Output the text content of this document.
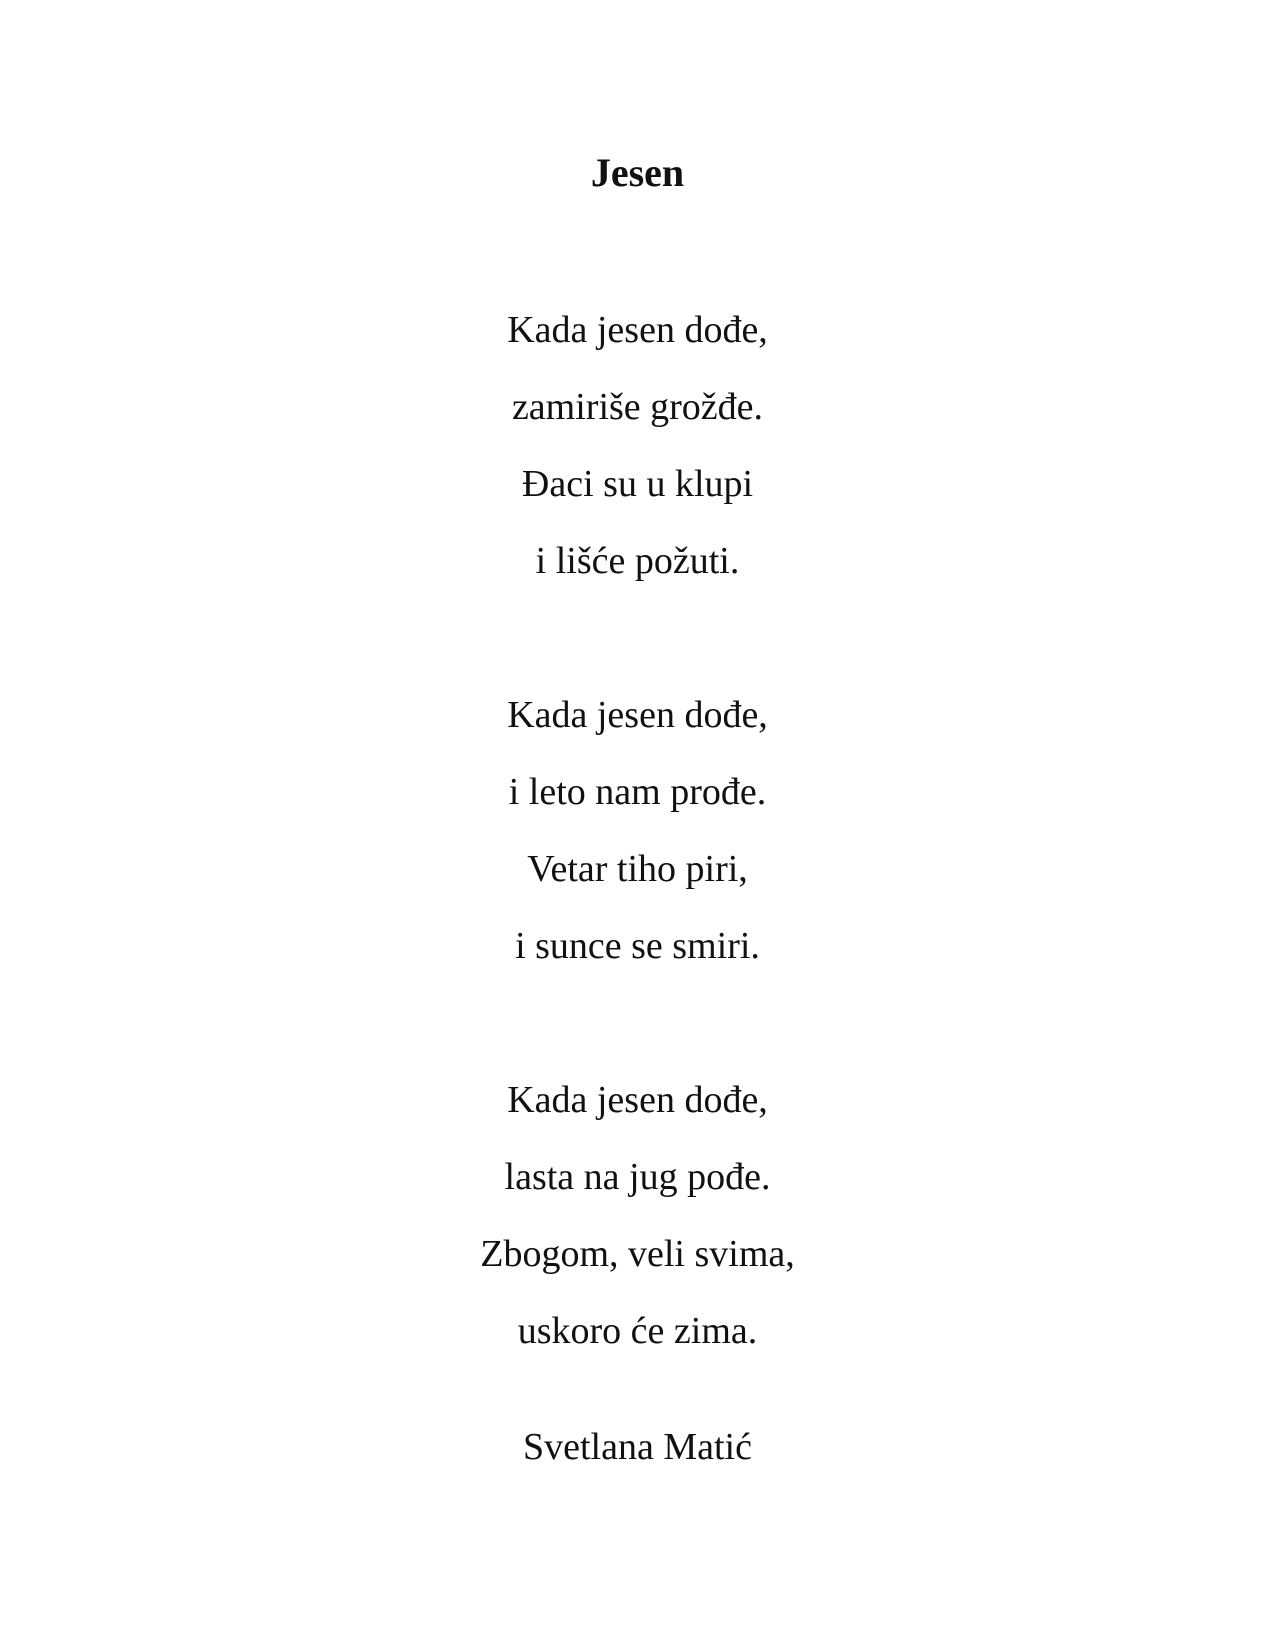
Jesen
Kada jesen dođe,
zamiriše grožđe.
Đaci su u klupi
i lišće požuti.
Kada jesen dođe,
i leto nam prođe.
Vetar tiho piri,
i sunce se smiri.
Kada jesen dođe,
lasta na jug pođe.
Zbogom, veli svima,
uskoro će zima.
Svetlana Matić
